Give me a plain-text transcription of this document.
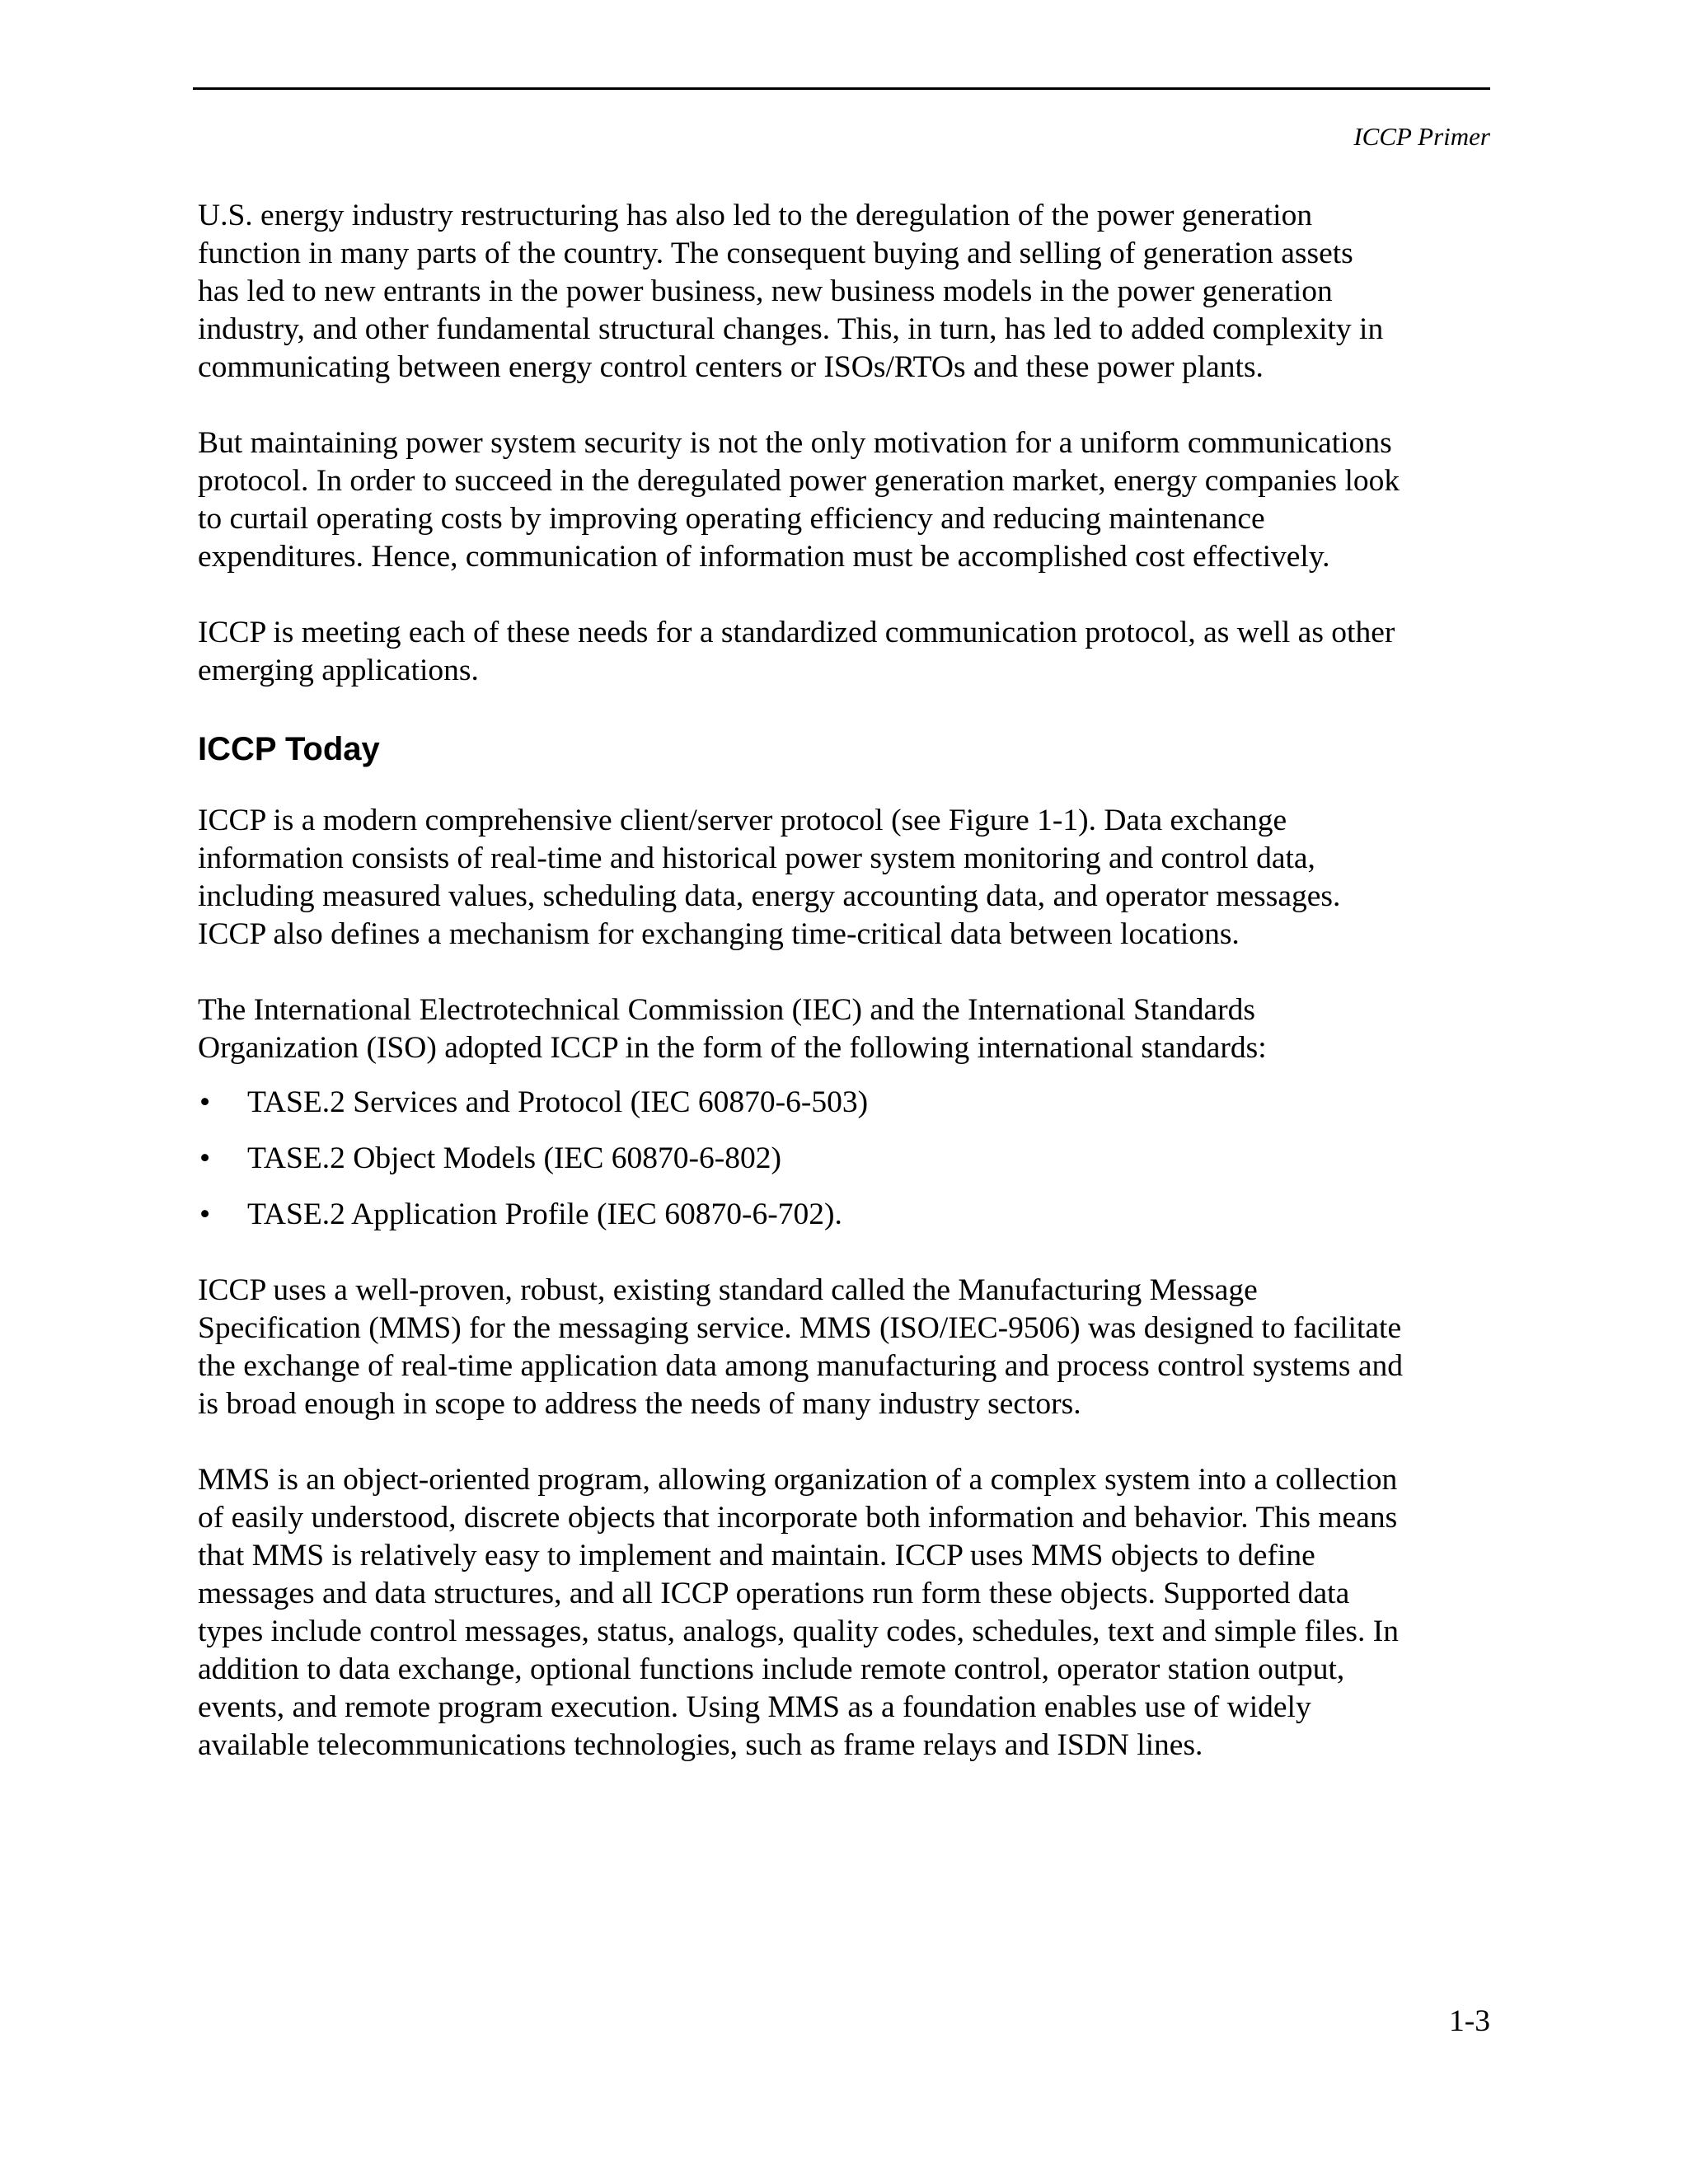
ICCP Primer

U.S. energy industry restructuring has also led to the deregulation of the power generation
function in many parts of the country. The consequent buying and selling of generation assets
has led to new entrants in the power business, new business models in the power generation
industry, and other fundamental structural changes. This, in turn, has led to added complexity in
communicating between energy control centers or ISOs/RTOs and these power plants.

But maintaining power system security is not the only motivation for a uniform communications
protocol. In order to succeed in the deregulated power generation market, energy companies look
to curtail operating costs by improving operating efficiency and reducing maintenance
expenditures. Hence, communication of information must be accomplished cost effectively.

ICCP is meeting each of these needs for a standardized communication protocol, as well as other
emerging applications.

ICCP Today

ICCP is a modern comprehensive client/server protocol (see Figure 1-1). Data exchange
information consists of real-time and historical power system monitoring and control data,
including measured values, scheduling data, energy accounting data, and operator messages.
ICCP also defines a mechanism for exchanging time-critical data between locations.

The International Electrotechnical Commission (IEC) and the International Standards
Organization (ISO) adopted ICCP in the form of the following international standards:

•	TASE.2 Services and Protocol (IEC 60870-6-503)
•	TASE.2 Object Models (IEC 60870-6-802)
•	TASE.2 Application Profile (IEC 60870-6-702).

ICCP uses a well-proven, robust, existing standard called the Manufacturing Message
Specification (MMS) for the messaging service. MMS (ISO/IEC-9506) was designed to facilitate
the exchange of real-time application data among manufacturing and process control systems and
is broad enough in scope to address the needs of many industry sectors.

MMS is an object-oriented program, allowing organization of a complex system into a collection
of easily understood, discrete objects that incorporate both information and behavior. This means
that MMS is relatively easy to implement and maintain. ICCP uses MMS objects to define
messages and data structures, and all ICCP operations run form these objects. Supported data
types include control messages, status, analogs, quality codes, schedules, text and simple files. In
addition to data exchange, optional functions include remote control, operator station output,
events, and remote program execution. Using MMS as a foundation enables use of widely
available telecommunications technologies, such as frame relays and ISDN lines.

1-3
